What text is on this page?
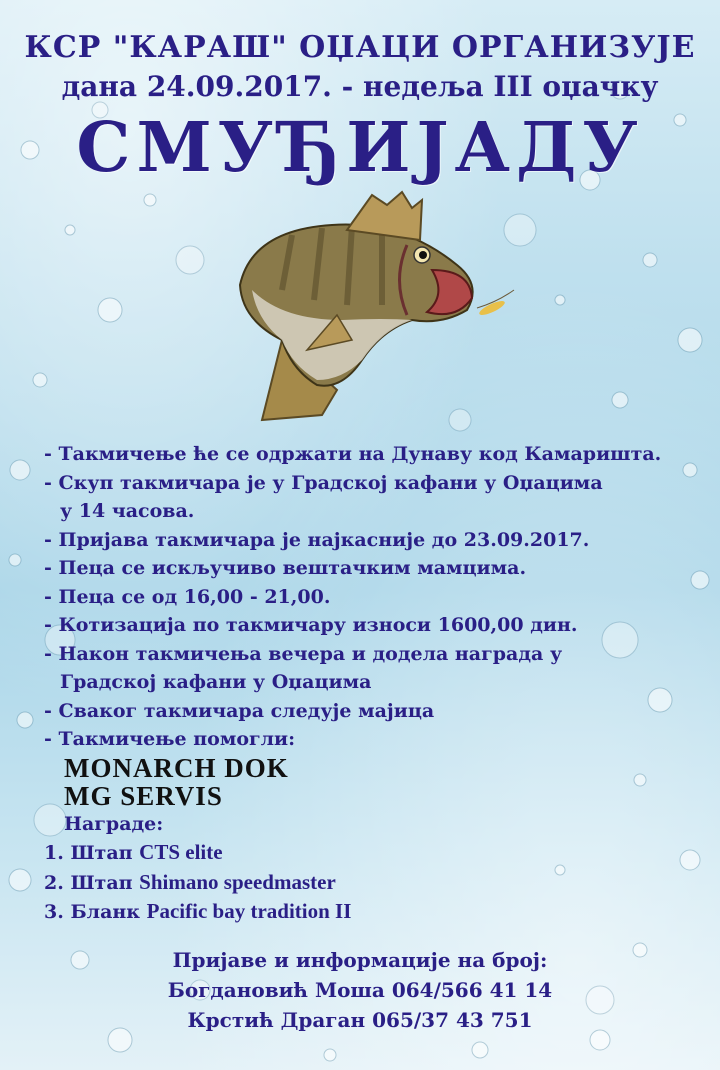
КСР "КАРАШ" ОЏАЦИ ОРГАНИЗУЈЕ
дана 24.09.2017. - недеља III оџачку
СМУЂИЈАДУ
- Такмичење ће се одржати на Дунаву код Камаришта.
- Скуп такмичара је у Градској кафани у Оџацима
у 14 часова.
- Пријава такмичара је најкасније до 23.09.2017.
- Пеца се искључиво вештачким мамцима.
- Пеца се од 16,00 - 21,00.
- Котизација по такмичару износи 1600,00 дин.
- Након такмичења вечера и додела награда у
Градској кафани у Оџацима
- Сваког такмичара следује мајица
- Такмичење помогли:
MONARCH DOK
MG SERVIS
Награде:
1. Штап CTS elite
2. Штап Shimano speedmaster
3. Бланк Pacific bay tradition II
Пријаве и информације на број:
Богдановић Моша 064/566 41 14
Крстић Драган 065/37 43 751
